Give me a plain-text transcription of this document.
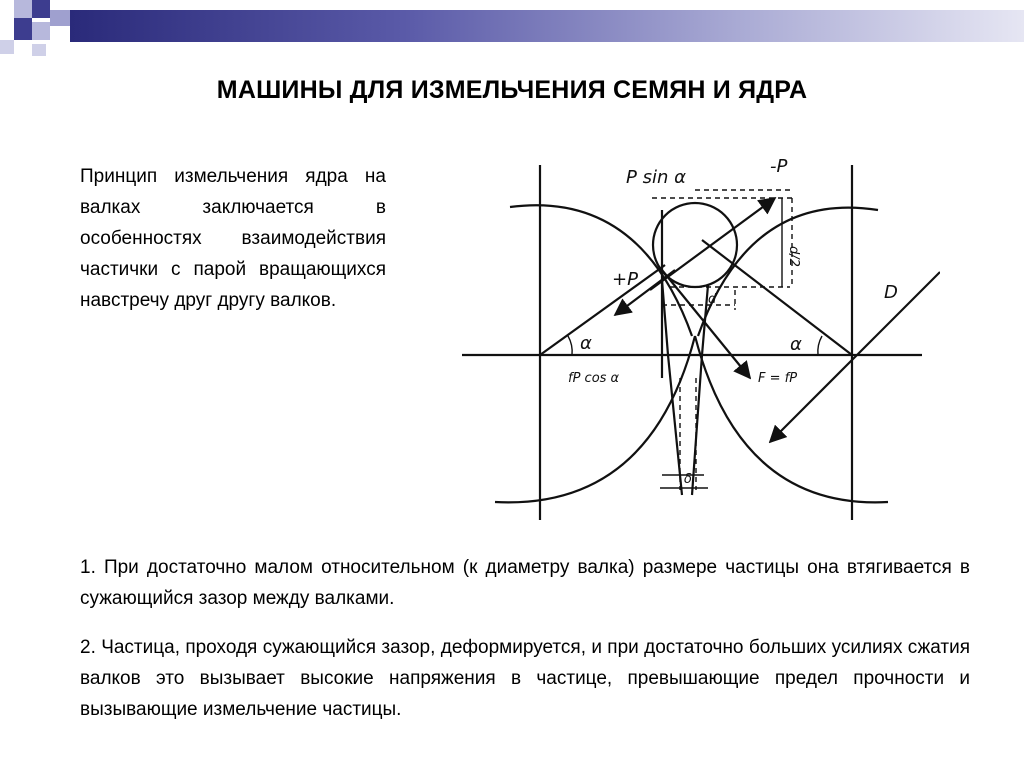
МАШИНЫ ДЛЯ ИЗМЕЛЬЧЕНИЯ СЕМЯН И ЯДРА
Принцип измельчения ядра на валках заключается в особенностях взаимодействия частички с парой вращающихся навстречу друг другу валков.
P sin α
-P
+P
D
α	α
fP cos α	F = fP
d
δ
d/2
1. При достаточно малом относительном (к диаметру валка) размере частицы она втягивается в сужающийся зазор между валками.
2. Частица, проходя сужающийся зазор, деформируется, и при достаточно больших усилиях сжатия валков это вызывает высокие напряжения в частице, превышающие предел прочности и вызывающие измельчение частицы.
